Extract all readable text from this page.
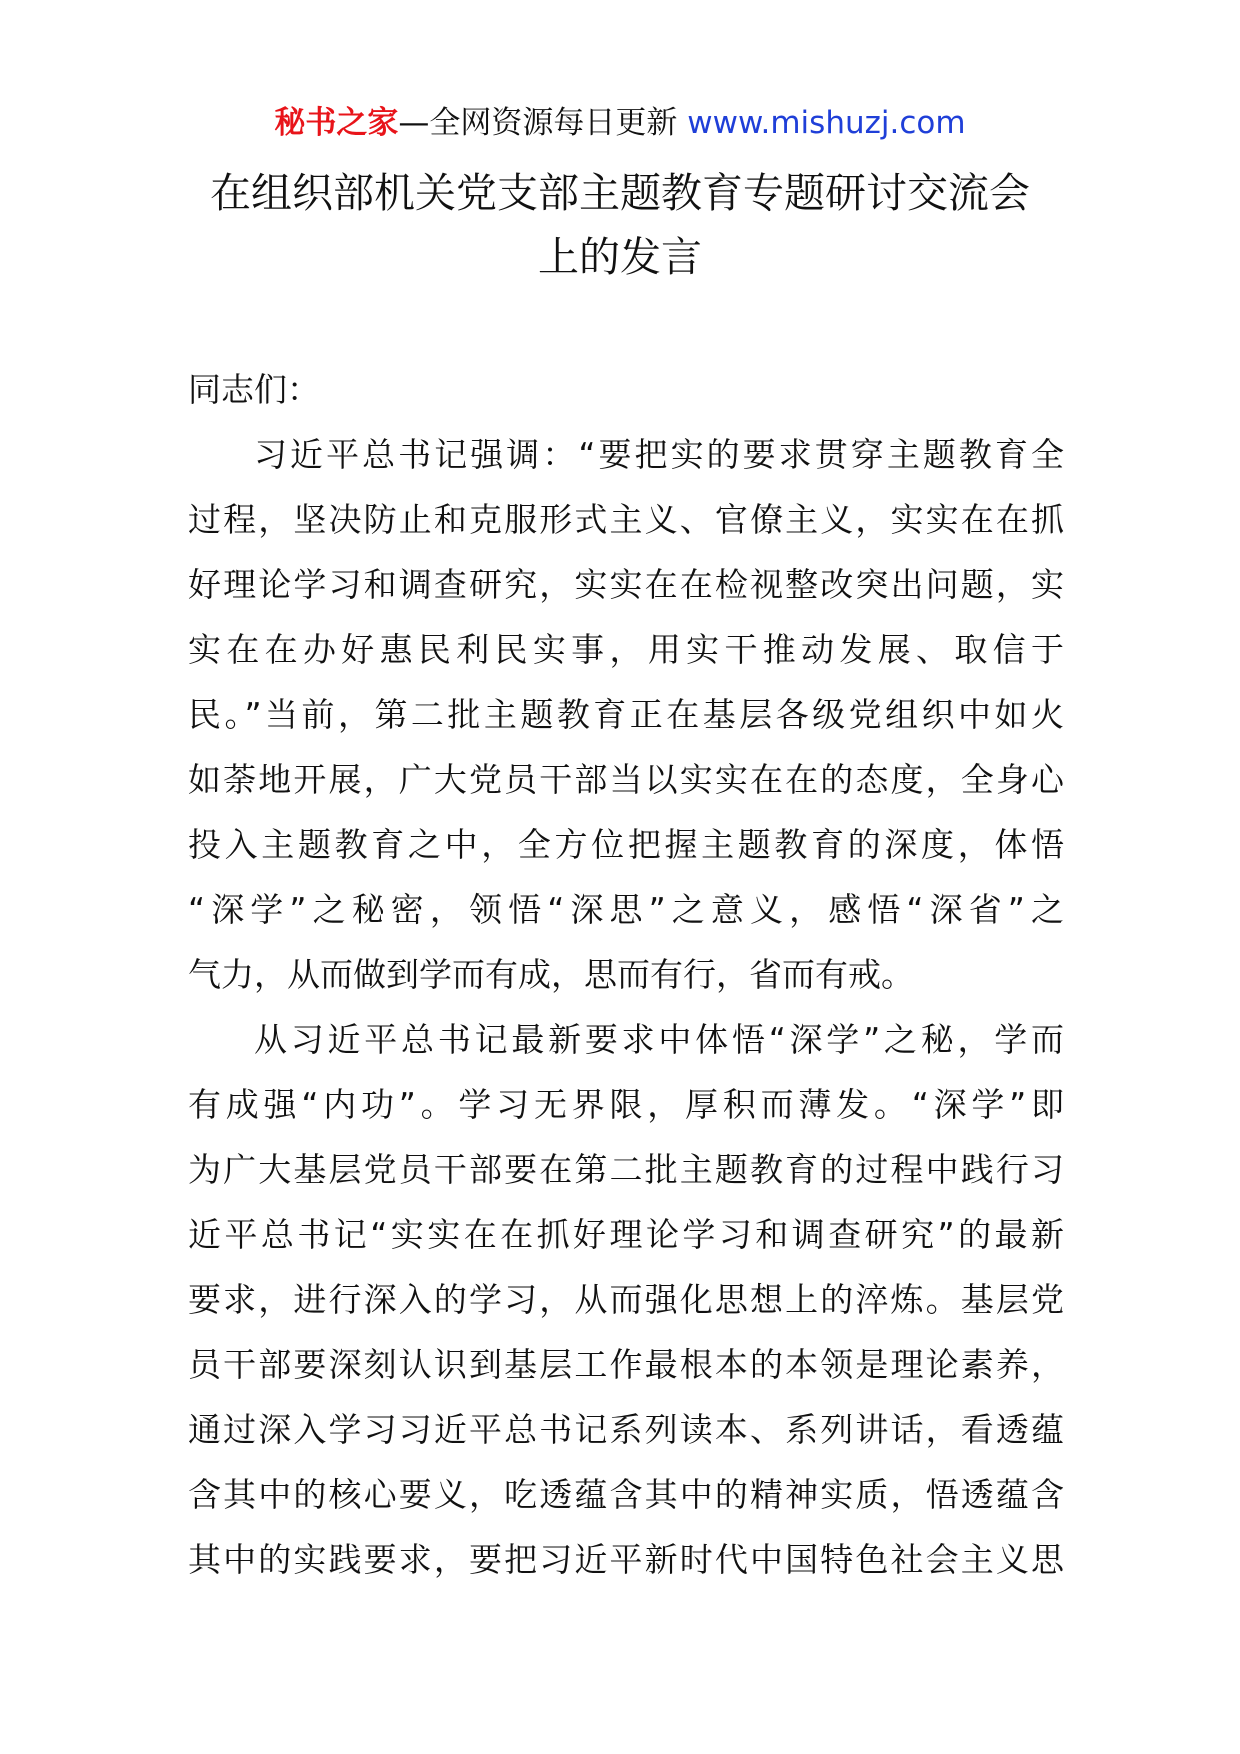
秘书之家—全网资源每日更新 www.mishuzj.com
在组织部机关党支部主题教育专题研讨交流会
上的发言
同志们：

习近平总书记强调：“要把实的要求贯穿主题教育全
过程，坚决防止和克服形式主义、官僚主义，实实在在抓
好理论学习和调查研究，实实在在检视整改突出问题，实
实在在办好惠民利民实事，用实干推动发展、取信于
民。”当前，第二批主题教育正在基层各级党组织中如火
如荼地开展，广大党员干部当以实实在在的态度，全身心
投入主题教育之中，全方位把握主题教育的深度，体悟
“深学”之秘密，领悟“深思”之意义，感悟“深省”之
气力，从而做到学而有成，思而有行，省而有戒。

从习近平总书记最新要求中体悟“深学”之秘，学而
有成强“内功”。学习无界限，厚积而薄发。“深学”即
为广大基层党员干部要在第二批主题教育的过程中践行习
近平总书记“实实在在抓好理论学习和调查研究”的最新
要求，进行深入的学习，从而强化思想上的淬炼。基层党
员干部要深刻认识到基层工作最根本的本领是理论素养，
通过深入学习习近平总书记系列读本、系列讲话，看透蕴
含其中的核心要义，吃透蕴含其中的精神实质，悟透蕴含
其中的实践要求，要把习近平新时代中国特色社会主义思
